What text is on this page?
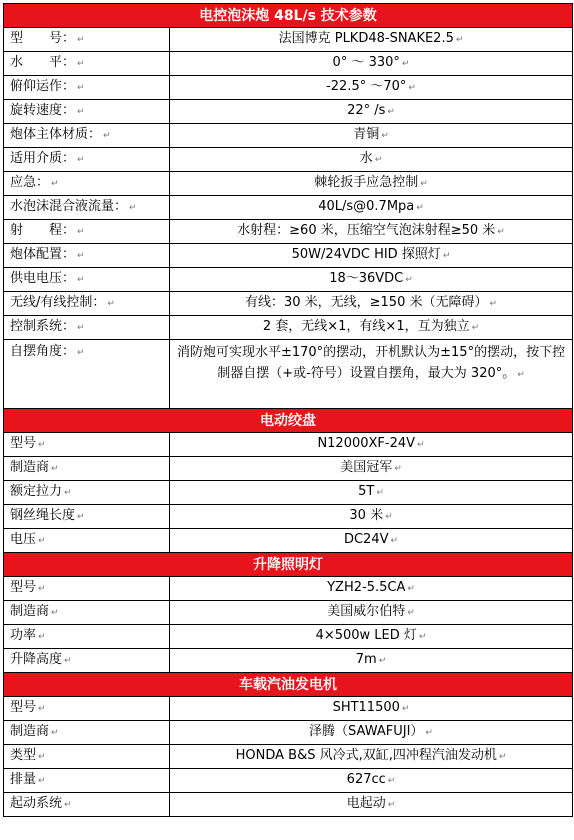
电控泡沫炮 48L/s 技术参数	
型　　号： ↵	法国博克 PLKD48-SNAKE2.5 ↵
水　　平： ↵	0° ～ 330° ↵
俯仰运作： ↵	-22.5° ～70° ↵
旋转速度： ↵	22° /s ↵
炮体主体材质： ↵	青铜 ↵
适用介质： ↵	水 ↵
应急： ↵	棘轮扳手应急控制 ↵
水泡沫混合液流量： ↵	40L/s@0.7Mpa ↵
射　　程： ↵	水射程：≥60 米，压缩空气泡沫射程≥50 米 ↵
炮体配置： ↵	50W/24VDC HID 探照灯 ↵
供电电压： ↵	18～36VDC ↵
无线/有线控制： ↵	有线：30 米，无线，≥150 米（无障碍） ↵
控制系统： ↵	2 套，无线×1，有线×1，互为独立 ↵
自摆角度： ↵	消防炮可实现水平±170°的摆动，开机默认为±15°的摆动，按下控制器自摆（+或-符号）设置自摆角，最大为 320°。 ↵
电动绞盘	
型号 ↵	N12000XF-24V ↵
制造商 ↵	美国冠军 ↵
额定拉力 ↵	5T ↵
钢丝绳长度 ↵	30 米 ↵
电压 ↵	DC24V ↵
升降照明灯	
型号 ↵	YZH2-5.5CA ↵
制造商 ↵	美国威尔伯特 ↵
功率 ↵	4×500w LED 灯 ↵
升降高度 ↵	7m ↵
车载汽油发电机	
型号 ↵	SHT11500 ↵
制造商 ↵	泽腾（SAWAFUJI） ↵
类型 ↵	HONDA B&S 风冷式,双缸,四冲程汽油发动机 ↵
排量 ↵	627cc ↵
起动系统 ↵	电起动 ↵
